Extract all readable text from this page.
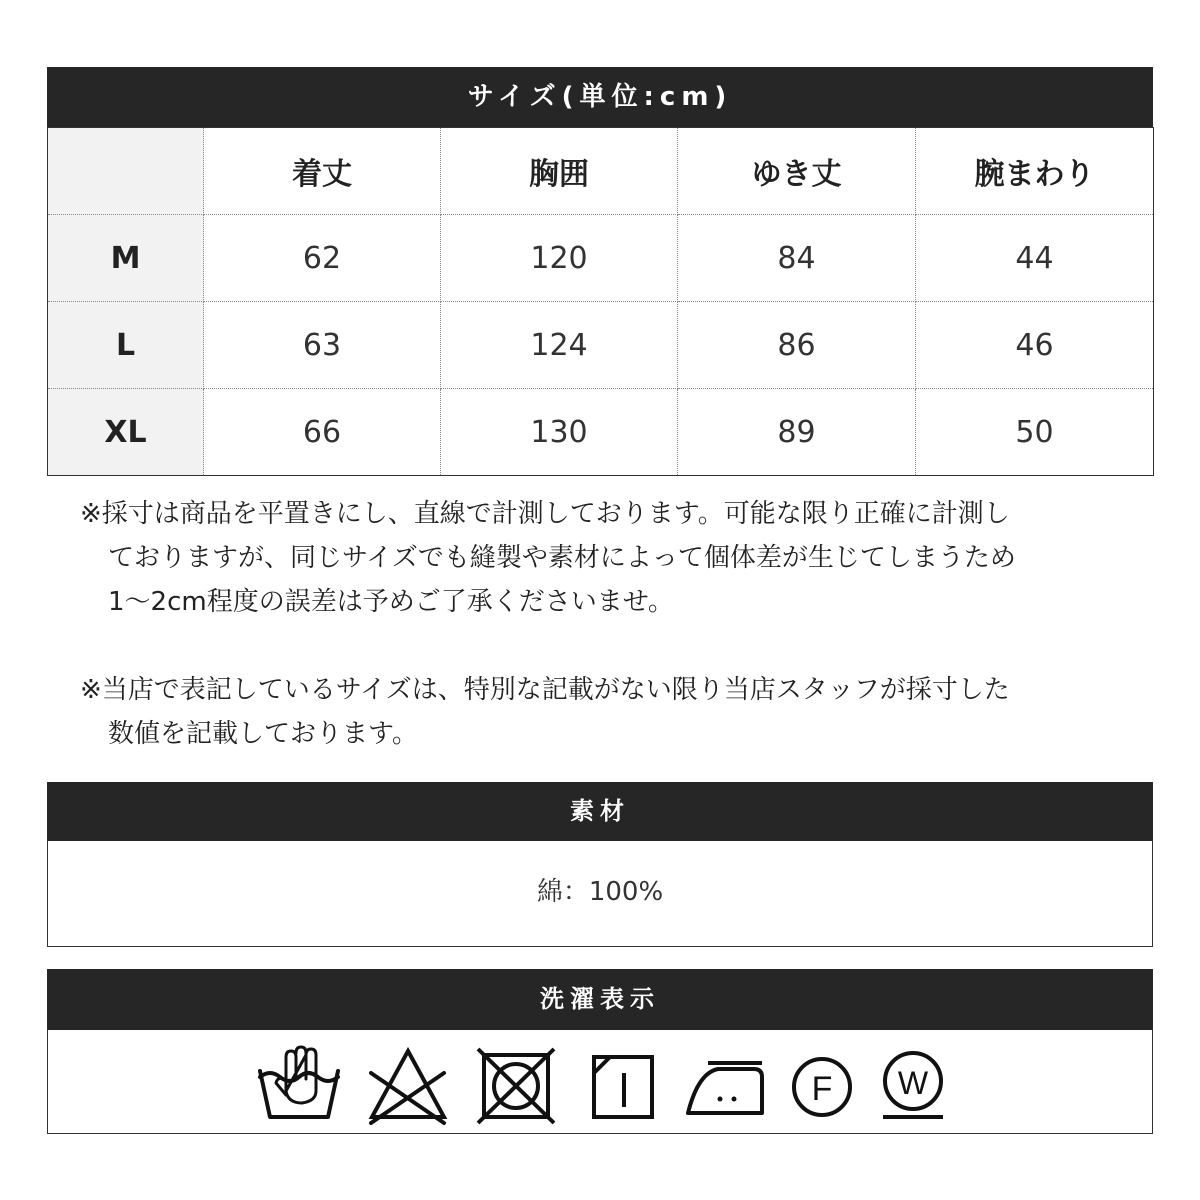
サイズ(単位:cm)
	着丈	胸囲	ゆき丈	腕まわり
M	62	120	84	44
L	63	124	86	46
XL	66	130	89	50
※採寸は商品を平置きにし、直線で計測しております。可能な限り正確に計測し
ておりますが、同じサイズでも縫製や素材によって個体差が生じてしまうため
1～2cm程度の誤差は予めご了承くださいませ。
※当店で表記しているサイズは、特別な記載がない限り当店スタッフが採寸した
数値を記載しております。
素材
綿：100%
洗濯表示
F W
